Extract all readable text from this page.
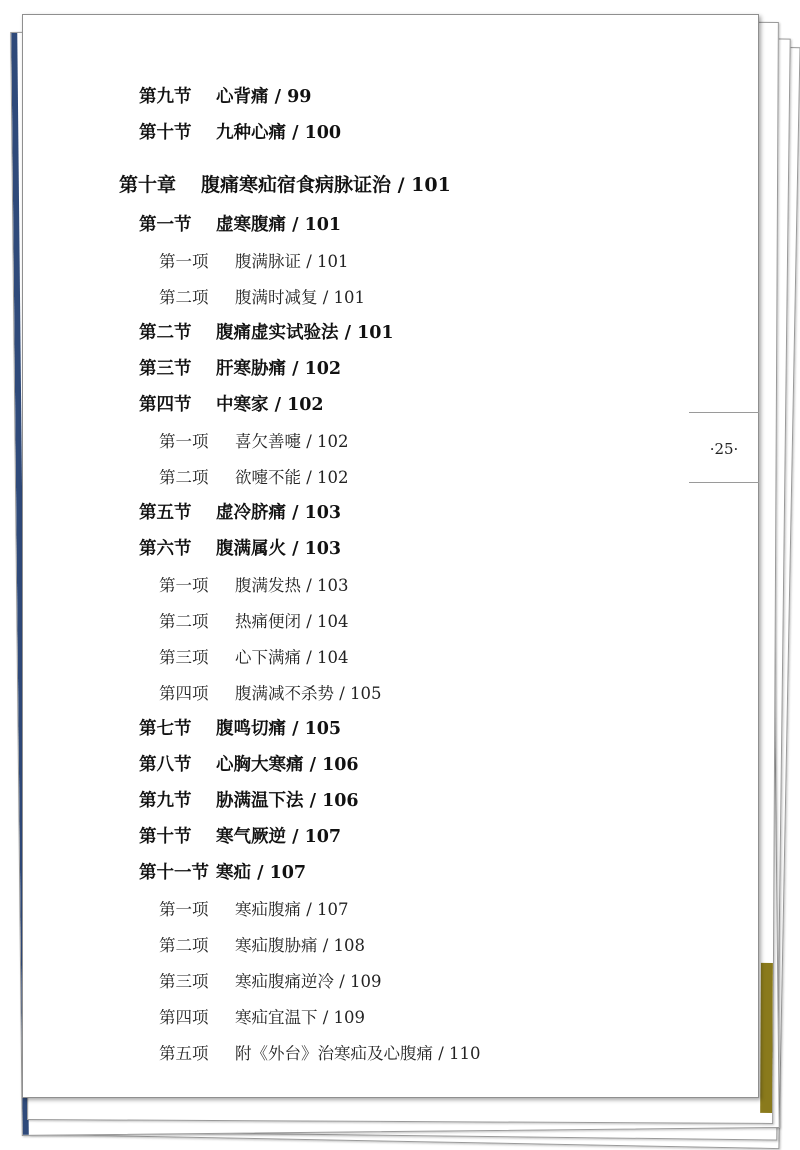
第九节 心背痛 / 99
第十节 九种心痛 / 100
第十章 腹痛寒疝宿食病脉证治 / 101
第一节 虚寒腹痛 / 101
第一项 腹满脉证 / 101
第二项 腹满时减复 / 101
第二节 腹痛虚实试验法 / 101
第三节 肝寒胁痛 / 102
第四节 中寒家 / 102
第一项 喜欠善嚏 / 102
第二项 欲嚏不能 / 102
第五节 虚冷脐痛 / 103
第六节 腹满属火 / 103
第一项 腹满发热 / 103
第二项 热痛便闭 / 104
第三项 心下满痛 / 104
第四项 腹满减不杀势 / 105
第七节 腹鸣切痛 / 105
第八节 心胸大寒痛 / 106
第九节 胁满温下法 / 106
第十节 寒气厥逆 / 107
第十一节 寒疝 / 107
第一项 寒疝腹痛 / 107
第二项 寒疝腹胁痛 / 108
第三项 寒疝腹痛逆冷 / 109
第四项 寒疝宜温下 / 109
第五项 附《外台》治寒疝及心腹痛 / 110
·25·
